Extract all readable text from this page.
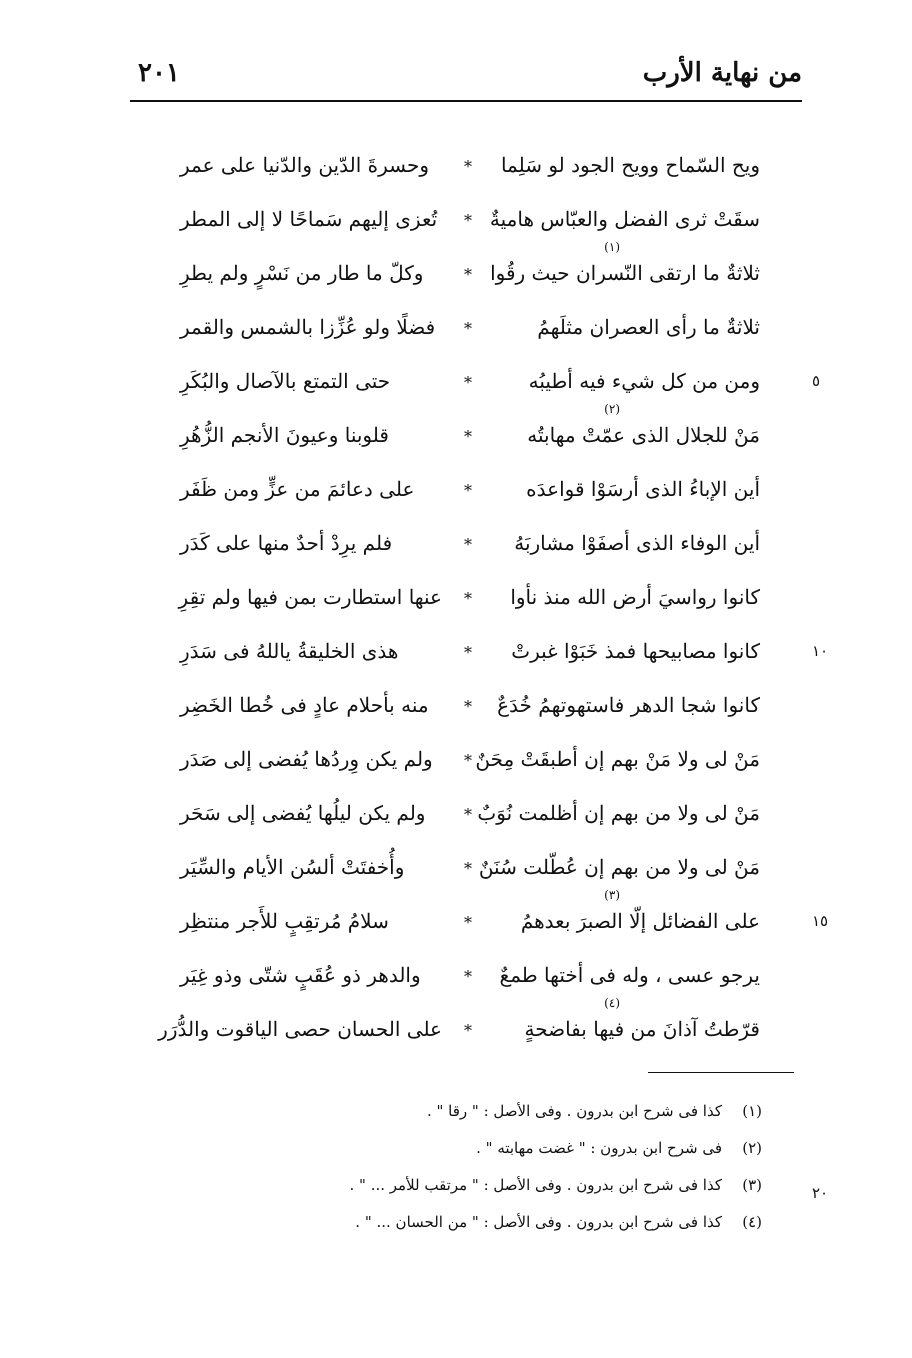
من نهاية الأرب
٢٠١
ويح السّماح وويح الجود لو سَلِما
*
وحسرةَ الدّين والدّنيا على عمر
سقَتْ ثرى الفضل والعبّاس هاميةٌ
*
تُعزى إليهم سَماحًا لا إلى المطر
ثلاثةٌ ما ارتقى النّسران حيث رقُوا
*
وكلّ ما طار من نَسْرٍ ولم يطرِ
(١)
ثلاثةٌ ما رأى العصران مثلَهمُ
*
فضلًا ولو عُزِّزا بالشمس والقمر
ومن من كل شيء فيه أطيبُه
*
حتى التمتع بالآصال والبُكَرِ
مَنْ للجلال الذى عمّتْ مهابتُه
*
قلوبنا وعيونَ الأنجم الزُّهُرِ
(٢)
أين الإباءُ الذى أرسَوْا قواعدَه
*
على دعائمَ من عزٍّ ومن ظَفَر
أين الوفاء الذى أصفَوْا مشاربَهُ
*
فلم يرِدْ أحدٌ منها على كَدَر
كانوا رواسيَ أرض الله منذ نأوا
*
عنها استطارت بمن فيها ولم تقِرِ
كانوا مصابيحها فمذ خَبَوْا غبرتْ
*
هذى الخليقةُ ياللهُ فى سَدَرِ
كانوا شجا الدهر فاستهوتهمُ خُدَعٌ
*
منه بأحلام عادٍ فى خُطا الخَضِر
مَنْ لى ولا مَنْ بهم إن أطبقَتْ مِحَنٌ
*
ولم يكن وِردُها يُفضى إلى صَدَر
مَنْ لى ولا من بهم إن أظلمت نُوَبٌ
*
ولم يكن ليلُها يُفضى إلى سَحَر
مَنْ لى ولا من بهم إن عُطّلت سُنَنٌ
*
وأُخفتَتْ ألسُن الأيام والسِّيَر
على الفضائل إلّا الصبرَ بعدهمُ
*
سلامُ مُرتقِبٍ للأَجر منتظِر
(٣)
يرجو عسى ، وله فى أختها طمعٌ
*
والدهر ذو عُقَبٍ شتّى وذو غِيَر
قرّطتُ آذانَ من فيها بفاضحةٍ
*
على الحسان حصى الياقوت والدُّرَر
(٤)
٥
١٠
١٥
٢٠
(١)كذا فى شرح ابن بدرون . وفى الأصل : " رقا " .
(٢)فى شرح ابن بدرون : " غضت مهابته " .
(٣)كذا فى شرح ابن بدرون . وفى الأصل : " مرتقب للأمر ... " .
(٤)كذا فى شرح ابن بدرون . وفى الأصل : " من الحسان ... " .
